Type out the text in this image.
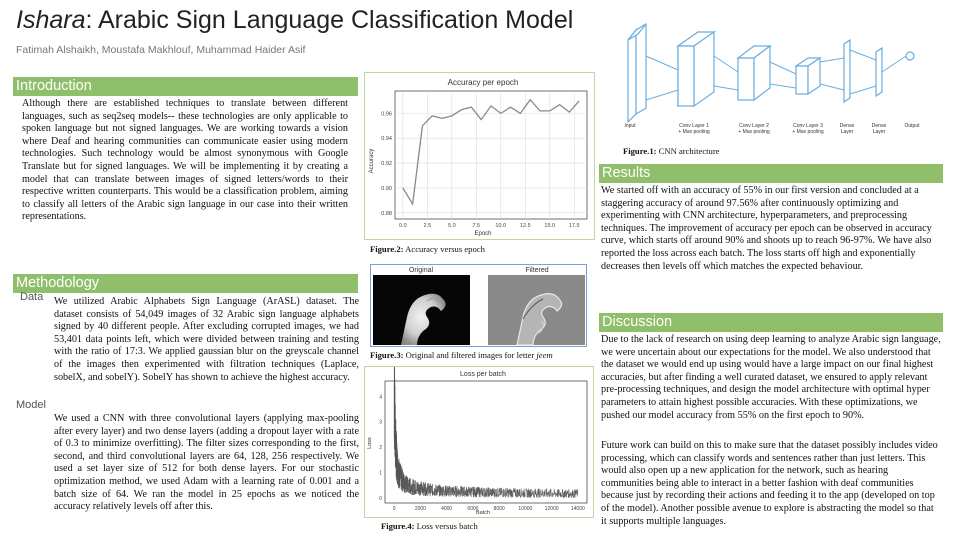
Ishara: Arabic Sign Language Classification Model
Fatimah Alshaikh, Moustafa Makhlouf, Muhammad Haider Asif
Introduction
Although there are established techniques to translate between different languages, such as seq2seq models-- these technologies are only applicable to spoken language but not signed languages. We are working towards a vision where Deaf and hearing communities can communicate easier using modern technologies. Such technology would be almost synonymous with Google Translate but for signed languages. We will be implementing it by creating a model that can translate between images of signed letters/words to their respective written counterparts. This would be a classification problem, aiming to classify all letters of the Arabic sign language in our case into their written representations.
Methodology
Data We utilized Arabic Alphabets Sign Language (ArASL) dataset. The dataset consists of 54,049 images of 32 Arabic sign language alphabets signed by 40 different people. After excluding corrupted images, we had 53,401 data points left, which were divided between training and testing with the ratio of 17:3. We applied gaussian blur on the greyscale channel of the images then experimented with filtration techniques (Laplace, sobelX, and sobelY). SobelY has shown to achieve the highest accuracy.
Model
We used a CNN with three convolutional layers (applying max-pooling after every layer) and two dense layers (adding a dropout layer with a rate of 0.3 to minimize overfitting). The filter sizes corresponding to the first, second, and third convolutional layers are 64, 128, 256 respectively. We used a set layer size of 512 for both dense layers. For our stochastic optimization method, we used Adam with a learning rate of 0.001 and a batch size of 64. We ran the model in 25 epochs as we noticed the accuracy relatively levels off after this.
Accuracy per epoch
Epoch
Accuracy
0.88
0.90
0.92
0.94
0.96
0.0	2.5	5.0	7.5	10.0	12.5	15.0	17.5
Figure.2: Accuracy versus epoch
Original	Filtered
Figure.3: Original and filtered images for letter jeem
Loss per batch
Batch
Loss
0
1
2
3
4
0	2000	4000	6000	8000	10000 12000 14000
Figure.4: Loss versus batch
Input	Conv Layer 1
+ Max pooling
Conv Layer 2
+ Max pooling
Conv Layer 3
+ Max pooling
Dense
Layer
Dense
Layer
Output
Figure.1: CNN architecture
Results
We started off with an accuracy of 55% in our first version and concluded at a staggering accuracy of around 97.56% after continuously optimizing and experimenting with CNN architecture, hyperparameters, and preprocessing techniques. The improvement of accuracy per epoch can be observed in accuracy curve, which starts off around 90% and shoots up to reach 96-97%. We have also reported the loss across each batch. The loss starts off high and exponentially decreases then levels off which matches the expected behaviour.
Discussion
Due to the lack of research on using deep learning to analyze Arabic sign language, we were uncertain about our expectations for the model. We also understood that the dataset we would end up using would have a large impact on our final highest accuracies, but after finding a well curated dataset, we ensured to apply relevant pre-processing techniques, and design the model architecture with optimal hyper parameters to attain highest possible accuracies. With these optimizations, we pushed our model accuracy from 55% on the first epoch to 90%.
Future work can build on this to make sure that the dataset possibly includes video processing, which can classify words and sentences rather than just letters. This would also open up a new application for the network, such as hearing communities being able to interact in a better fashion with deaf communities because just by recording their actions and feeding it to the app (developed on top of the model). Another possible avenue to explore is abstracting the model so that it supports multiple languages.
